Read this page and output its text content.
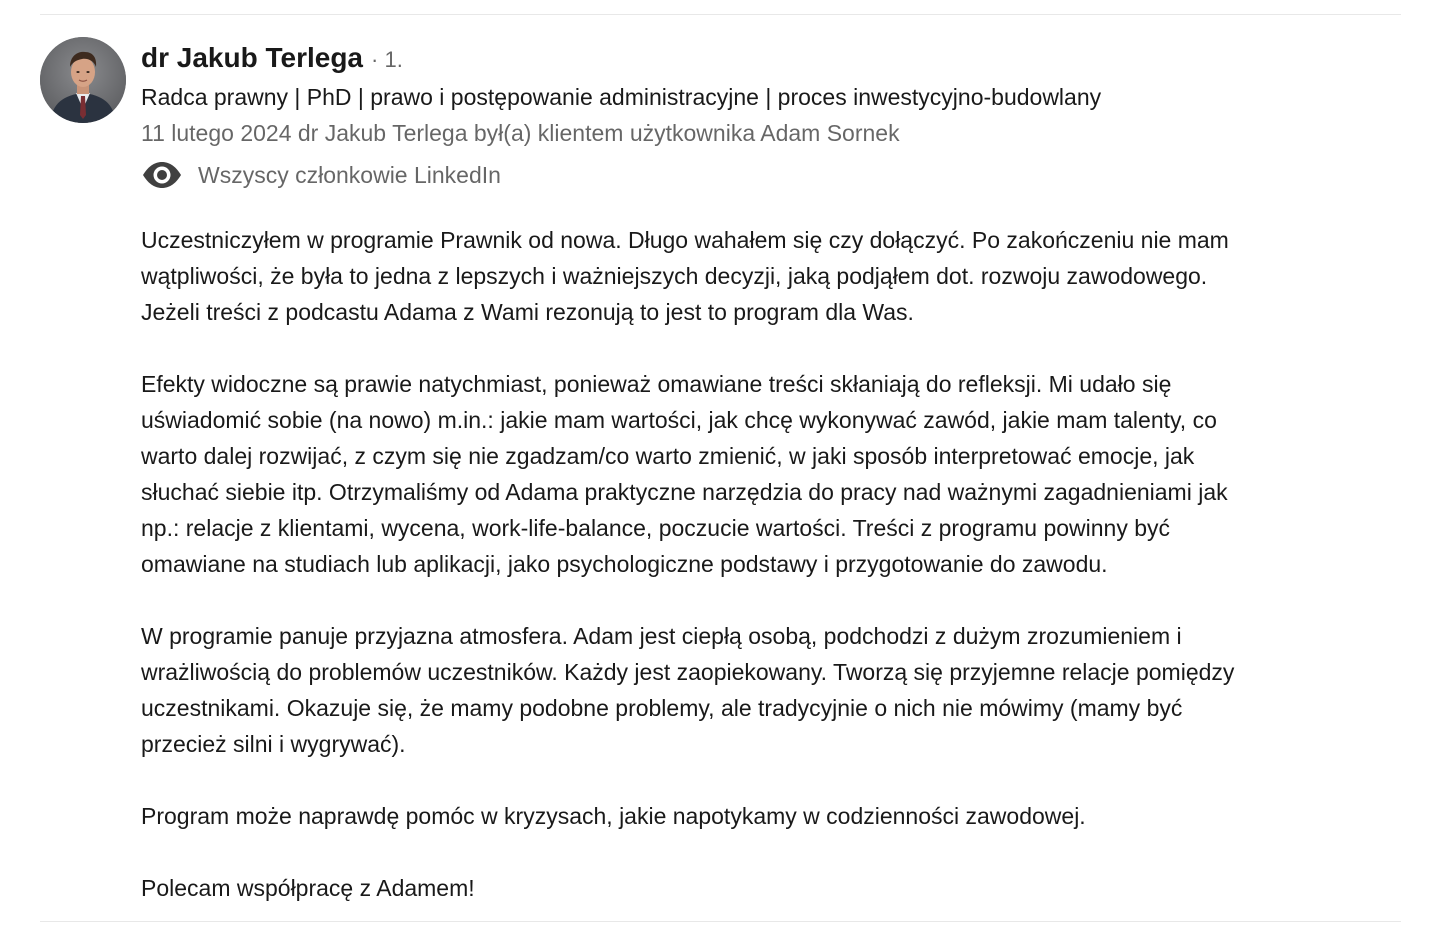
dr Jakub Terlega · 1.
Radca prawny | PhD | prawo i postępowanie administracyjne | proces inwestycyjno-budowlany
11 lutego 2024 dr Jakub Terlega był(a) klientem użytkownika Adam Sornek
Wszyscy członkowie LinkedIn

Uczestniczyłem w programie Prawnik od nowa. Długo wahałem się czy dołączyć. Po zakończeniu nie mam
wątpliwości, że była to jedna z lepszych i ważniejszych decyzji, jaką podjąłem dot. rozwoju zawodowego.
Jeżeli treści z podcastu Adama z Wami rezonują to jest to program dla Was.

Efekty widoczne są prawie natychmiast, ponieważ omawiane treści skłaniają do refleksji. Mi udało się
uświadomić sobie (na nowo) m.in.: jakie mam wartości, jak chcę wykonywać zawód, jakie mam talenty, co
warto dalej rozwijać, z czym się nie zgadzam/co warto zmienić, w jaki sposób interpretować emocje, jak
słuchać siebie itp. Otrzymaliśmy od Adama praktyczne narzędzia do pracy nad ważnymi zagadnieniami jak
np.: relacje z klientami, wycena, work-life-balance, poczucie wartości. Treści z programu powinny być
omawiane na studiach lub aplikacji, jako psychologiczne podstawy i przygotowanie do zawodu.

W programie panuje przyjazna atmosfera. Adam jest ciepłą osobą, podchodzi z dużym zrozumieniem i
wrażliwością do problemów uczestników. Każdy jest zaopiekowany. Tworzą się przyjemne relacje pomiędzy
uczestnikami. Okazuje się, że mamy podobne problemy, ale tradycyjnie o nich nie mówimy (mamy być
przecież silni i wygrywać).

Program może naprawdę pomóc w kryzysach, jakie napotykamy w codzienności zawodowej.

Polecam współpracę z Adamem!
